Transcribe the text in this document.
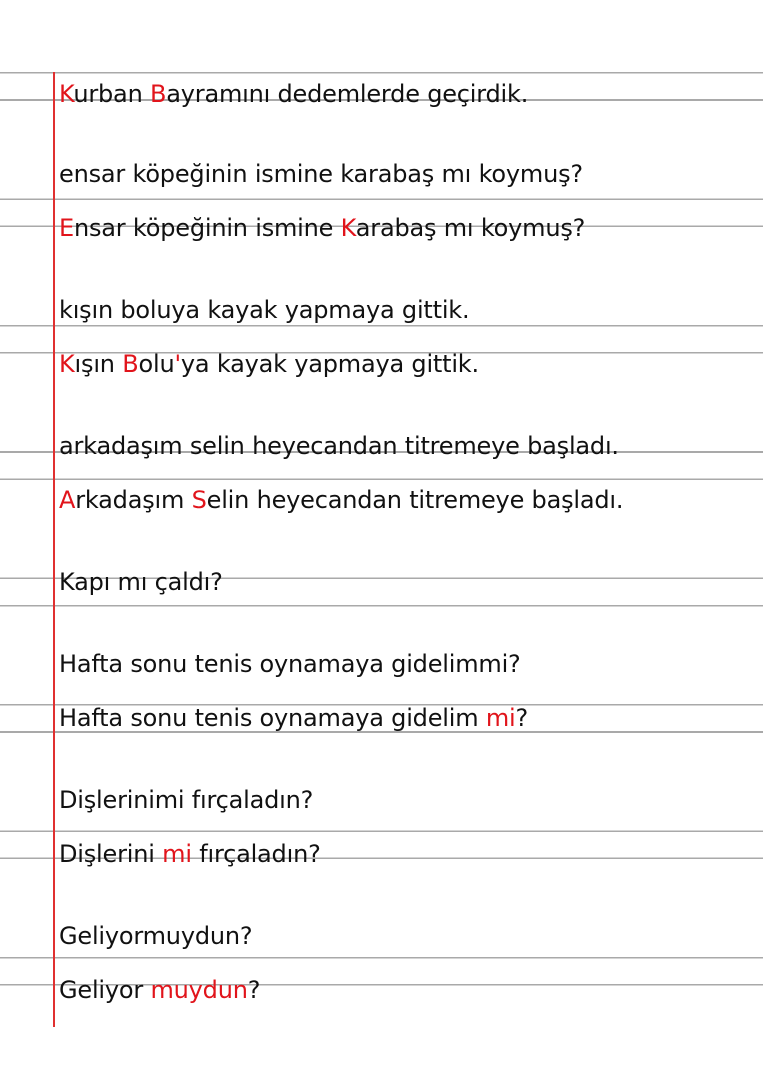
Kurban Bayramını dedemlerde geçirdik.
ensar köpeğinin ismine karabaş mı koymuş?
Ensar köpeğinin ismine Karabaş mı koymuş?
kışın boluya kayak yapmaya gittik.
Kışın Bolu'ya kayak yapmaya gittik.
arkadaşım selin heyecandan titremeye başladı.
Arkadaşım Selin heyecandan titremeye başladı.
Kapı mı çaldı?
Hafta sonu tenis oynamaya gidelimmi?
Hafta sonu tenis oynamaya gidelim mi?
Dişlerinimi fırçaladın?
Dişlerini mi fırçaladın?
Geliyormuydun?
Geliyor muydun?
